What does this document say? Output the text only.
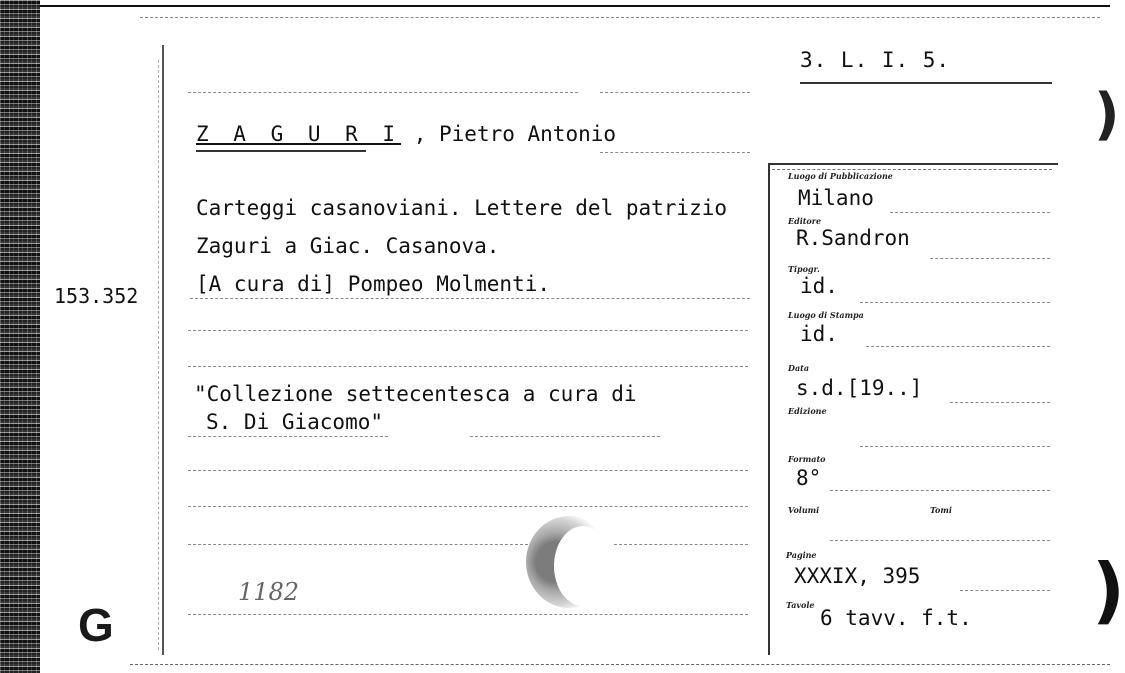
3. L. I. 5.
153.352
G
Z A G U R I , Pietro Antonio
Carteggi casanoviani. Lettere del patrizio
Zaguri a Giac. Casanova.
[A cura di] Pompeo Molmenti.
"Collezione settecentesca a cura di
S. Di Giacomo"
1182
Luogo di Pubblicazione
Milano
Editore
R.Sandron
Tipogr.
id.
Luogo di Stampa
id.
Data
s.d.[19..]
Edizione
Formato
8°
Volumi	Tomi
Pagine
XXXIX, 395
Tavole
6 tavv. f.t.
)
)
